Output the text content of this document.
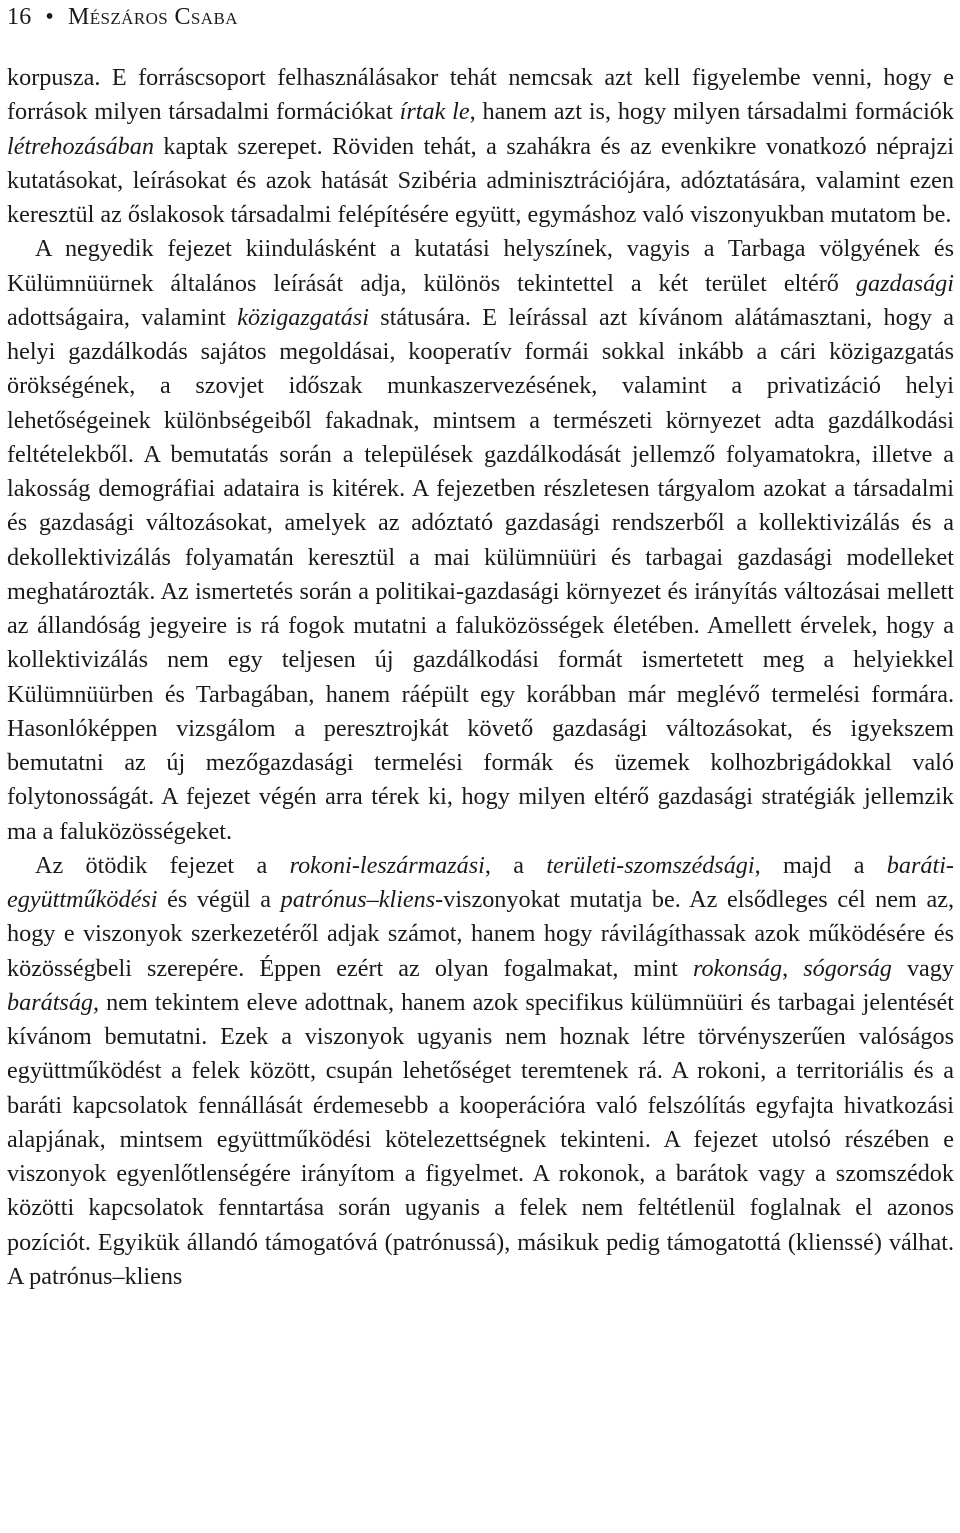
16 • Mészáros Csaba

korpusza. E forráscsoport felhasználásakor tehát nemcsak azt kell figyelembe venni, hogy e források milyen társadalmi formációkat írtak le, hanem azt is, hogy milyen társadalmi formációk létrehozásában kaptak szerepet. Röviden tehát, a szahákra és az evenkikre vonatkozó néprajzi kutatásokat, leírásokat és azok hatását Szibéria adminisztrációjára, adóztatására, valamint ezen keresztül az őslakosok társadalmi felépítésére együtt, egymáshoz való viszonyukban mutatom be.

A negyedik fejezet kiindulásként a kutatási helyszínek, vagyis a Tarbaga völgyének és Külümnüürnek általános leírását adja, különös tekintettel a két terület eltérő gazdasági adottságaira, valamint közigazgatási státusára. E leírással azt kívánom alátámasztani, hogy a helyi gazdálkodás sajátos megoldásai, kooperatív formái sokkal inkább a cári közigazgatás örökségének, a szovjet időszak munkaszervezésének, valamint a privatizáció helyi lehetőségeinek különbségeiből fakadnak, mintsem a természeti környezet adta gazdálkodási feltételekből. A bemutatás során a települések gazdálkodását jellemző folyamatokra, illetve a lakosság demográfiai adataira is kitérek. A fejezetben részletesen tárgyalom azokat a társadalmi és gazdasági változásokat, amelyek az adóztató gazdasági rendszerből a kollektivizálás és a dekollektivizálás folyamatán keresztül a mai külümnüüri és tarbagai gazdasági modelleket meghatározták. Az ismertetés során a politikai-gazdasági környezet és irányítás változásai mellett az állandóság jegyeire is rá fogok mutatni a faluközösségek életében. Amellett érvelek, hogy a kollektivizálás nem egy teljesen új gazdálkodási formát ismertetett meg a helyiekkel Külümnüürben és Tarbagában, hanem ráépült egy korábban már meglévő termelési formára. Hasonlóképpen vizsgálom a peresztrojkát követő gazdasági változásokat, és igyekszem bemutatni az új mezőgazdasági termelési formák és üzemek kolhozbrigádokkal való folytonosságát. A fejezet végén arra térek ki, hogy milyen eltérő gazdasági stratégiák jellemzik ma a faluközösségeket.

Az ötödik fejezet a rokoni-leszármazási, a területi-szomszédsági, majd a baráti-együttműködési és végül a patrónus–kliens-viszonyokat mutatja be. Az elsődleges cél nem az, hogy e viszonyok szerkezetéről adjak számot, hanem hogy rávilágíthassak azok működésére és közösségbeli szerepére. Éppen ezért az olyan fogalmakat, mint rokonság, sógorság vagy barátság, nem tekintem eleve adottnak, hanem azok specifikus külümnüüri és tarbagai jelentését kívánom bemutatni. Ezek a viszonyok ugyanis nem hoznak létre törvényszerűen valóságos együttműködést a felek között, csupán lehetőséget teremtenek rá. A rokoni, a territoriális és a baráti kapcsolatok fennállását érdemesebb a kooperációra való felszólítás egyfajta hivatkozási alapjának, mintsem együttműködési kötelezettségnek tekinteni. A fejezet utolsó részében e viszonyok egyenlőtlenségére irányítom a figyelmet. A rokonok, a barátok vagy a szomszédok közötti kapcsolatok fenntartása során ugyanis a felek nem feltétlenül foglalnak el azonos pozíciót. Egyikük állandó támogatóvá (patrónussá), másikuk pedig támogatottá (klienssé) válhat. A patrónus–kliens
